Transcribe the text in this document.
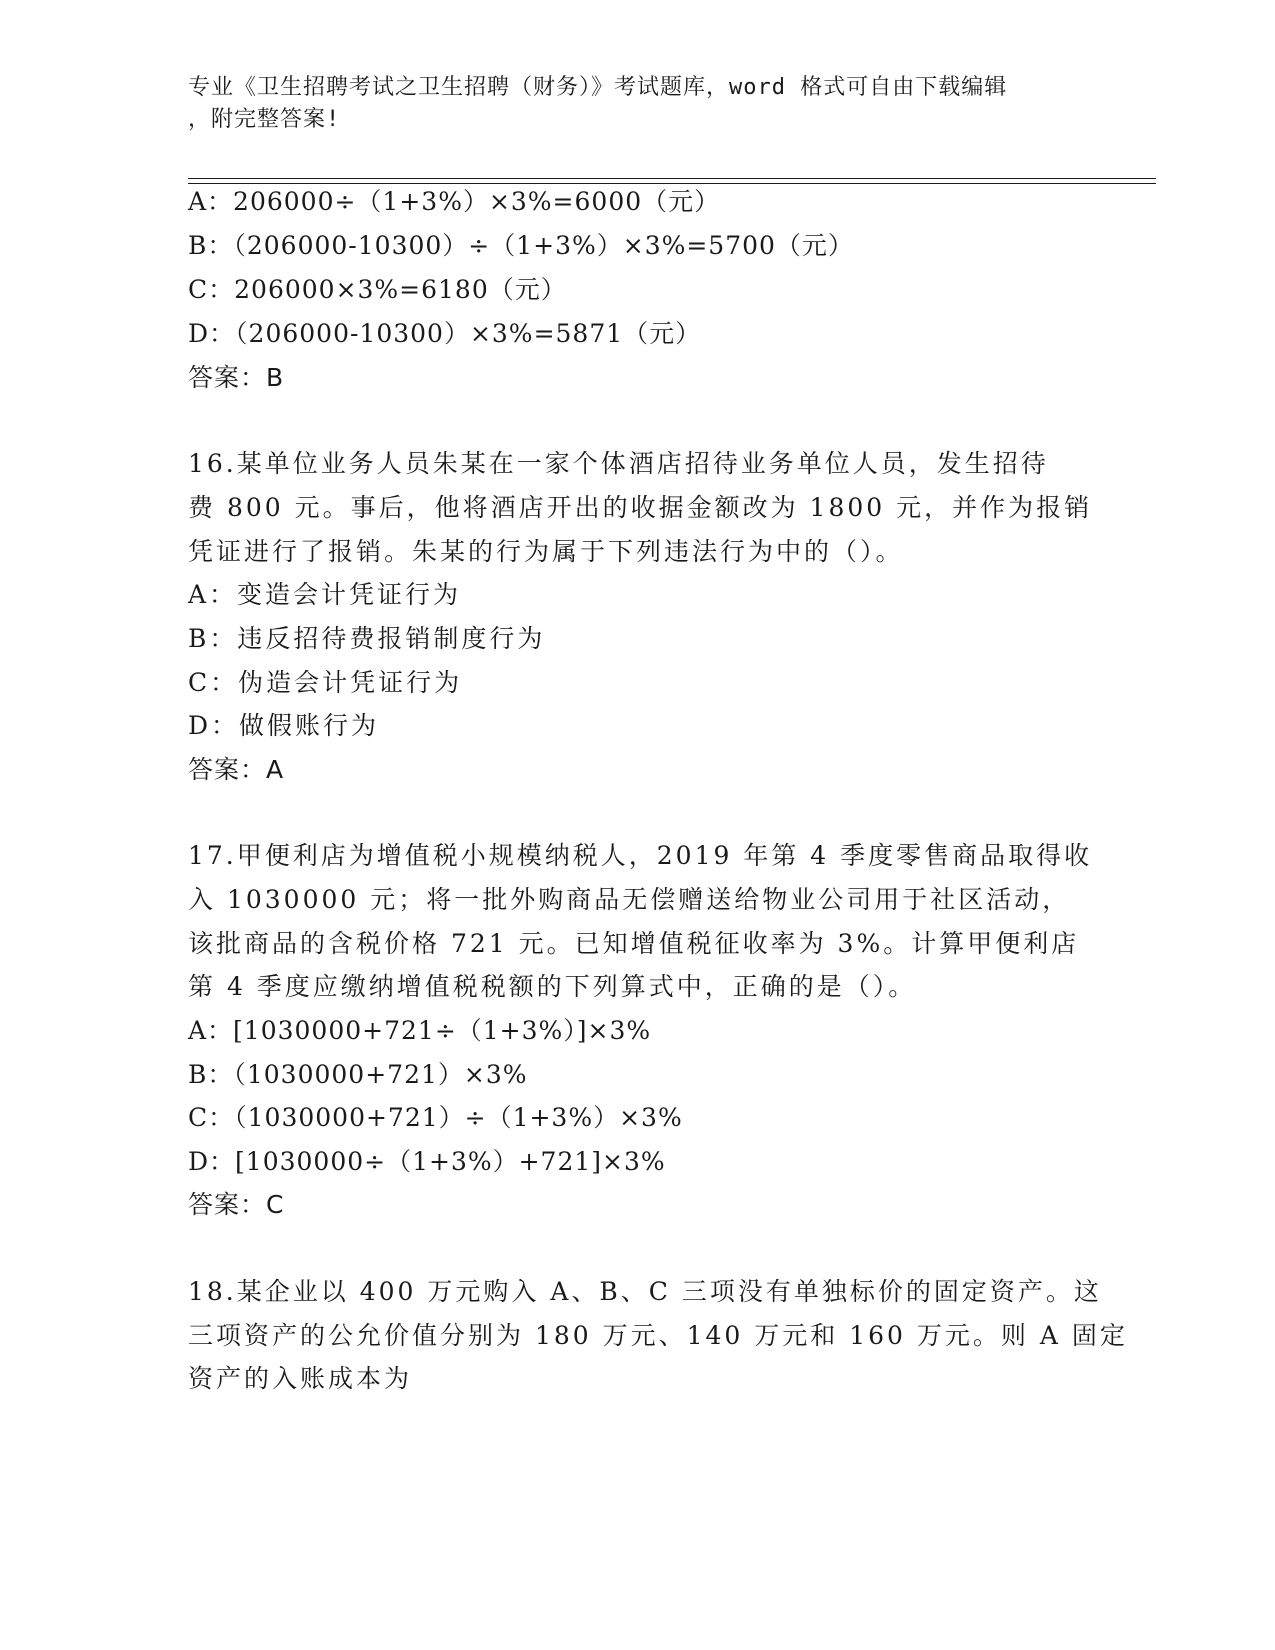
专业《卫生招聘考试之卫生招聘（财务）》考试题库，word 格式可自由下载编辑
，附完整答案!
A：206000÷（1+3%）×3%=6000（元）
B：（206000-10300）÷（1+3%）×3%=5700（元）
C：206000×3%=6180（元）
D：（206000-10300）×3%=5871（元）
答案：B
16.某单位业务人员朱某在一家个体酒店招待业务单位人员，发生招待
费 800 元。事后，他将酒店开出的收据金额改为 1800 元，并作为报销
凭证进行了报销。朱某的行为属于下列违法行为中的（）。
A：变造会计凭证行为
B：违反招待费报销制度行为
C：伪造会计凭证行为
D：做假账行为
答案：A
17.甲便利店为增值税小规模纳税人，2019 年第 4 季度零售商品取得收
入 1030000 元；将一批外购商品无偿赠送给物业公司用于社区活动，
该批商品的含税价格 721 元。已知增值税征收率为 3%。计算甲便利店
第 4 季度应缴纳增值税税额的下列算式中，正确的是（）。
A：[1030000+721÷（1+3%）]×3%
B：（1030000+721）×3%
C：（1030000+721）÷（1+3%）×3%
D：[1030000÷（1+3%）+721]×3%
答案：C
18.某企业以 400 万元购入 A、B、C 三项没有单独标价的固定资产。这
三项资产的公允价值分别为 180 万元、140 万元和 160 万元。则 A 固定
资产的入账成本为
